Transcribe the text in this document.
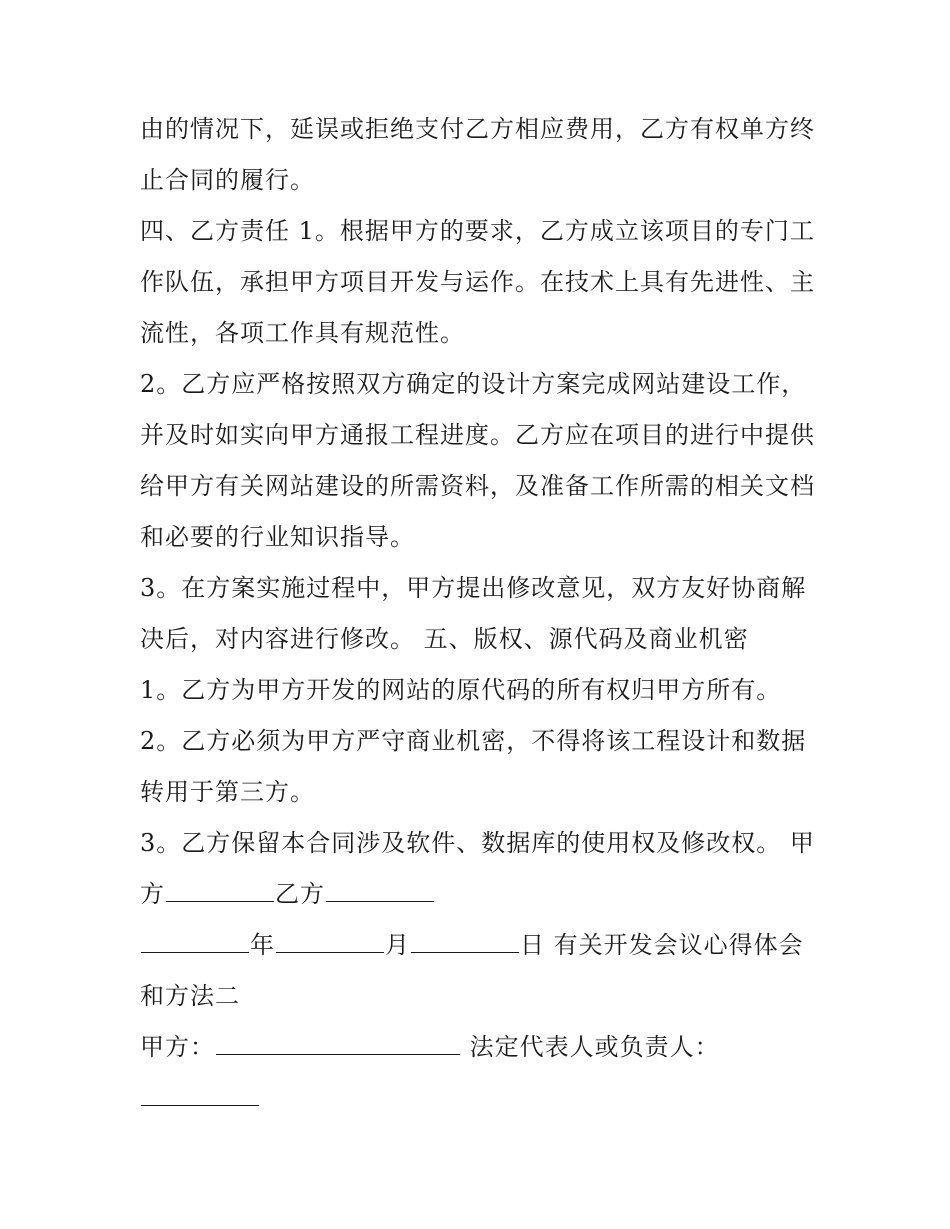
由的情况下，延误或拒绝支付乙方相应费用，乙方有权单方终
止合同的履行。
四、乙方责任 1。根据甲方的要求，乙方成立该项目的专门工
作队伍，承担甲方项目开发与运作。在技术上具有先进性、主
流性，各项工作具有规范性。
2。乙方应严格按照双方确定的设计方案完成网站建设工作，
并及时如实向甲方通报工程进度。乙方应在项目的进行中提供
给甲方有关网站建设的所需资料，及准备工作所需的相关文档
和必要的行业知识指导。
3。在方案实施过程中，甲方提出修改意见，双方友好协商解
决后，对内容进行修改。 五、版权、源代码及商业机密
1。乙方为甲方开发的网站的原代码的所有权归甲方所有。
2。乙方必须为甲方严守商业机密，不得将该工程设计和数据
转用于第三方。
3。乙方保留本合同涉及软件、数据库的使用权及修改权。 甲
方	乙方
年	月	日 有关开发会议心得体会
和方法二
甲方：	法定代表人或负责人：
